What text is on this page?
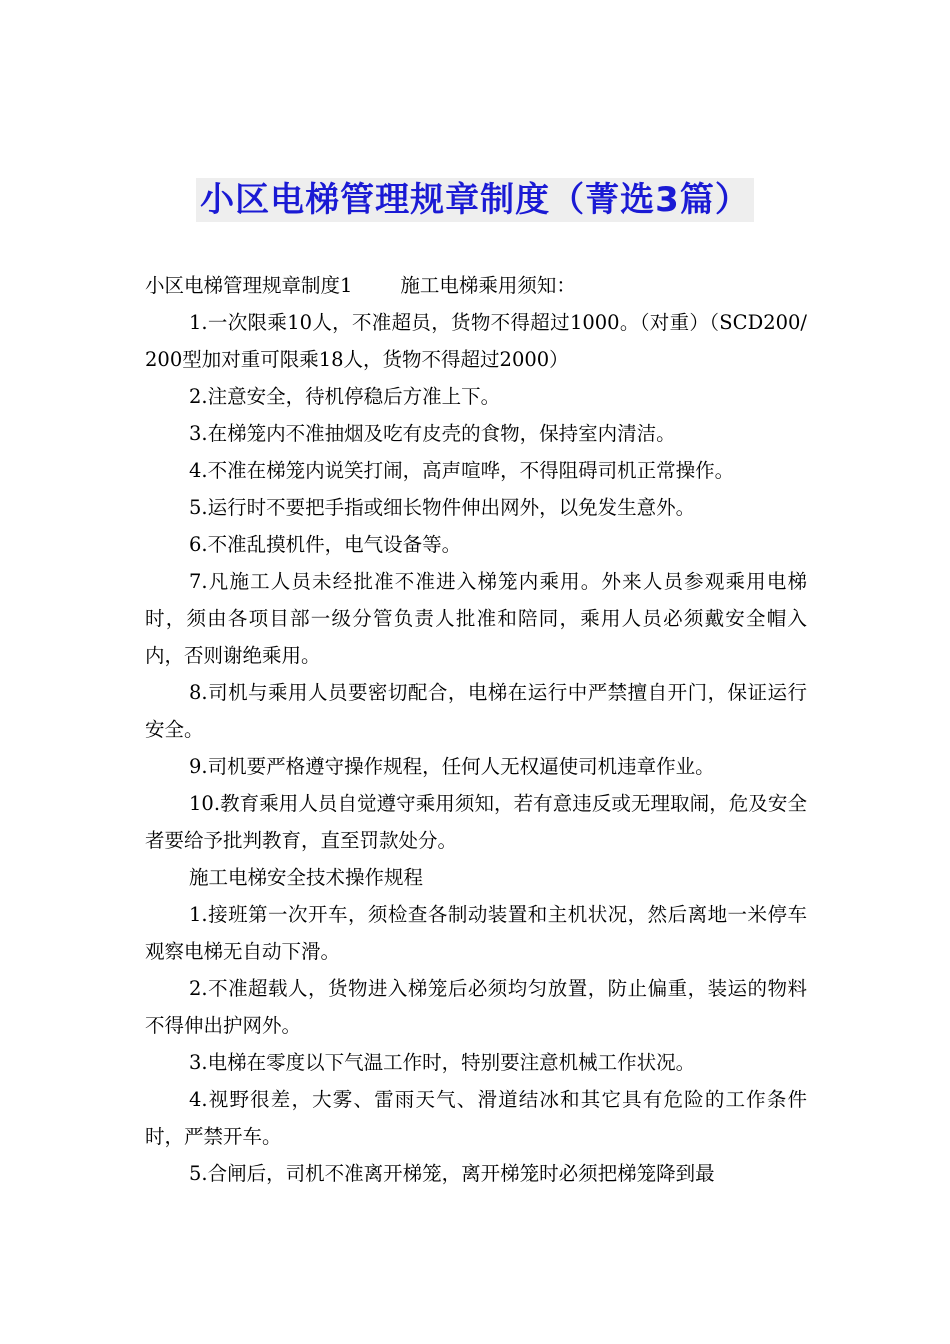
小区电梯管理规章制度（菁选3篇）

小区电梯管理规章制度1 施工电梯乘用须知：

1.一次限乘10人，不准超员，货物不得超过1000。（对重）（SCD200/200型加对重可限乘18人，货物不得超过2000）

2.注意安全，待机停稳后方准上下。

3.在梯笼内不准抽烟及吃有皮壳的食物，保持室内清洁。

4.不准在梯笼内说笑打闹，高声喧哗，不得阻碍司机正常操作。

5.运行时不要把手指或细长物件伸出网外，以免发生意外。

6.不准乱摸机件，电气设备等。

7.凡施工人员未经批准不准进入梯笼内乘用。外来人员参观乘用电梯时，须由各项目部一级分管负责人批准和陪同，乘用人员必须戴安全帽入内，否则谢绝乘用。

8.司机与乘用人员要密切配合，电梯在运行中严禁擅自开门，保证运行安全。

9.司机要严格遵守操作规程，任何人无权逼使司机违章作业。

10.教育乘用人员自觉遵守乘用须知，若有意违反或无理取闹，危及安全者要给予批判教育，直至罚款处分。

施工电梯安全技术操作规程

1.接班第一次开车，须检查各制动装置和主机状况，然后离地一米停车观察电梯无自动下滑。

2.不准超载人，货物进入梯笼后必须均匀放置，防止偏重，装运的物料不得伸出护网外。

3.电梯在零度以下气温工作时，特别要注意机械工作状况。

4.视野很差，大雾、雷雨天气、滑道结冰和其它具有危险的工作条件时，严禁开车。

5.合闸后，司机不准离开梯笼，离开梯笼时必须把梯笼降到最
